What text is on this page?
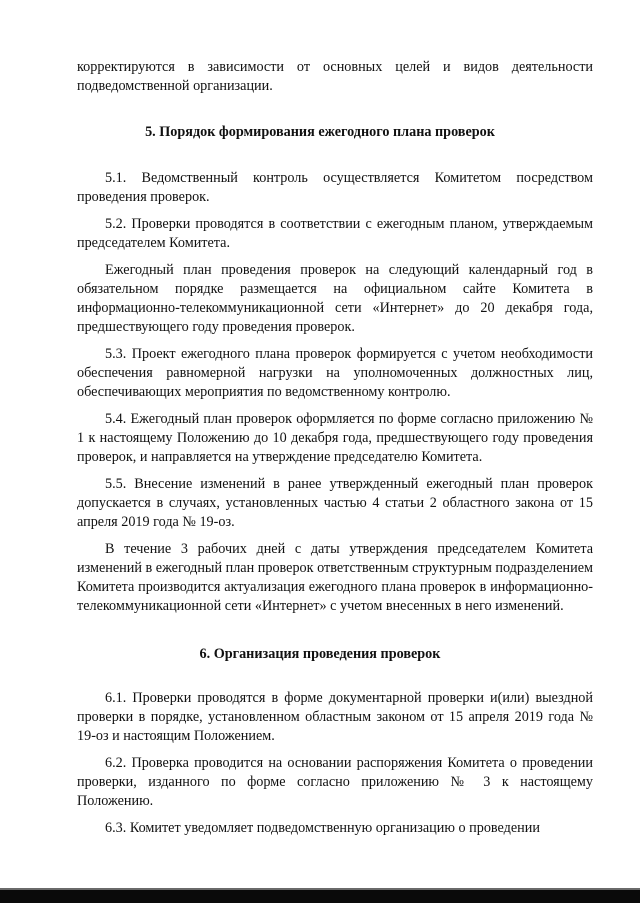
корректируются в зависимости от основных целей и видов деятельности подведомственной организации.

5. Порядок формирования ежегодного плана проверок

5.1. Ведомственный контроль осуществляется Комитетом посредством проведения проверок.

5.2. Проверки проводятся в соответствии с ежегодным планом, утверждаемым председателем Комитета.

Ежегодный план проведения проверок на следующий календарный год в обязательном порядке размещается на официальном сайте Комитета в информационно-телекоммуникационной сети «Интернет» до 20 декабря года, предшествующего году проведения проверок.

5.3. Проект ежегодного плана проверок формируется с учетом необходимости обеспечения равномерной нагрузки на уполномоченных должностных лиц, обеспечивающих мероприятия по ведомственному контролю.

5.4. Ежегодный план проверок оформляется по форме согласно приложению № 1 к настоящему Положению до 10 декабря года, предшествующего году проведения проверок, и направляется на утверждение председателю Комитета.

5.5. Внесение изменений в ранее утвержденный ежегодный план проверок допускается в случаях, установленных частью 4 статьи 2 областного закона от 15 апреля 2019 года № 19-оз.

В течение 3 рабочих дней с даты утверждения председателем Комитета изменений в ежегодный план проверок ответственным структурным подразделением Комитета производится актуализация ежегодного плана проверок в информационно-телекоммуникационной сети «Интернет» с учетом внесенных в него изменений.

6. Организация проведения проверок

6.1. Проверки проводятся в форме документарной проверки и(или) выездной проверки в порядке, установленном областным законом от 15 апреля 2019 года № 19-оз и настоящим Положением.

6.2. Проверка проводится на основании распоряжения Комитета о проведении проверки, изданного по форме согласно приложению № 3 к настоящему Положению.

6.3. Комитет уведомляет подведомственную организацию о проведении
